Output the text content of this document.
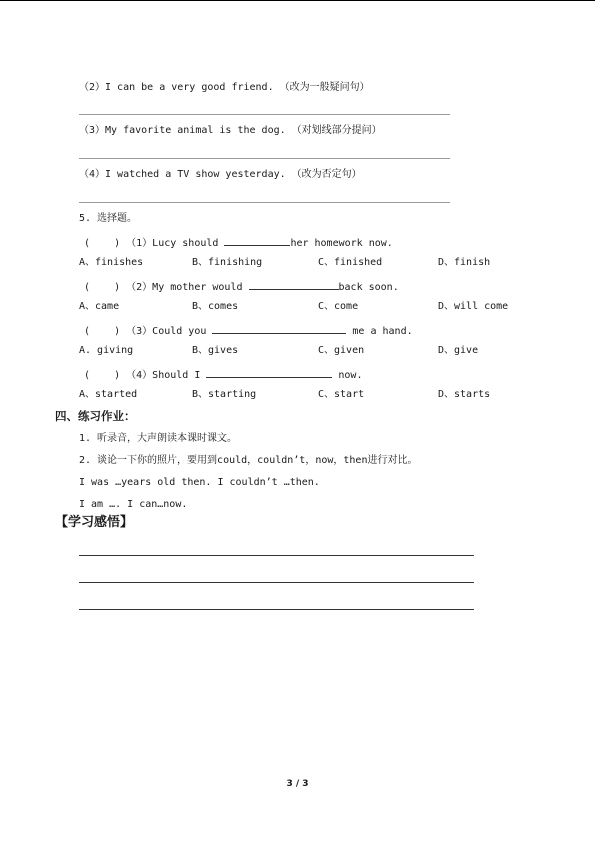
（2）I can be a very good friend. （改为一般疑问句）
（3）My favorite animal is the dog. （对划线部分提问）
（4）I watched a TV show yesterday. （改为否定句）
5. 选择题。
(    ) （1）Lucy should	her homework now.
A、finishes	B、finishing	C、finished	D、finish
(    ) （2）My mother would	back soon.
A、came	B、comes	C、come	D、will come
(    ) （3）Could you	me a hand.
A. giving	B、gives	C、given	D、give
(    ) （4）Should I	now.
A、started	B、starting	C、start	D、starts
四、练习作业：
1. 听录音，大声朗读本课时课文。
2. 谈论一下你的照片，要用到could，couldn’t，now，then进行对比。
I was …years old then. I couldn’t …then.
I am …. I can…now.
【学习感悟】
3 / 3
